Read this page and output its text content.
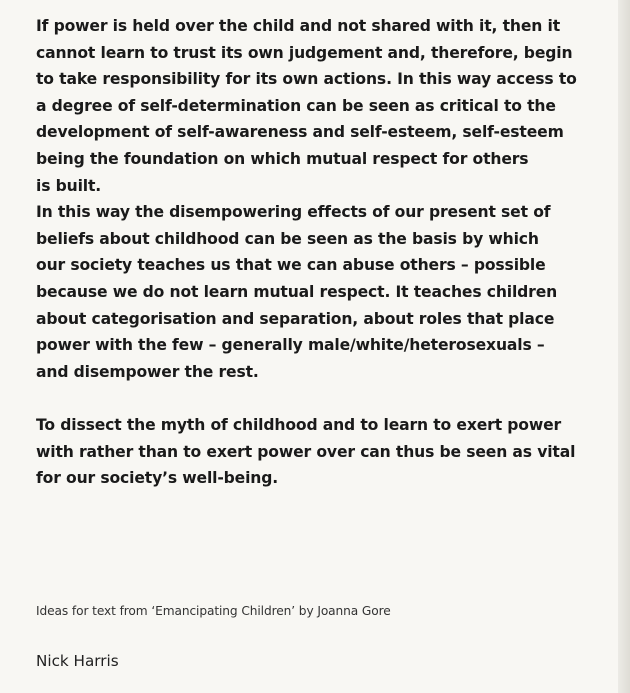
If power is held over the child and not shared with it, then it
cannot learn to trust its own judgement and, therefore, begin
to take responsibility for its own actions. In this way access to
a degree of self-determination can be seen as critical to the
development of self-awareness and self-esteem, self-esteem
being the foundation on which mutual respect for others
is built.
In this way the disempowering effects of our present set of
beliefs about childhood can be seen as the basis by which
our society teaches us that we can abuse others – possible
because we do not learn mutual respect. It teaches children
about categorisation and separation, about roles that place
power with the few – generally male/white/heterosexuals –
and disempower the rest.
To dissect the myth of childhood and to learn to exert power
with rather than to exert power over can thus be seen as vital
for our society’s well-being.

Ideas for text from ‘Emancipating Children’ by Joanna Gore

Nick Harris
